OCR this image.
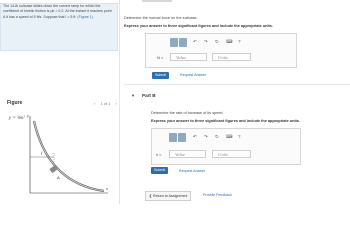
The 14-lb suitcase slides down the curved ramp for which the coefficient of kinetic friction is μk = 0.2. At the instant it reaches point A it has a speed of 5 ft/s. Suppose that l = 5 ft. (Figure 1)
Figure	‹ 1 of 1 ›
y = ⅛x²
l
A
x
y
Determine the normal force on the suitcase.
Express your answer to three significant figures and include the appropriate units.
↶ ↷ ↻ ⌨ ?
N =	Value	Units
Submit	Request Answer
▼ Part B
Determine the rate of increase of its speed.
Express your answer to three significant figures and include the appropriate units.
↶ ↷ ↻ ⌨ ?
v̇ =	Value	Units
Submit	Request Answer
❮ Return to Assignment	Provide Feedback
